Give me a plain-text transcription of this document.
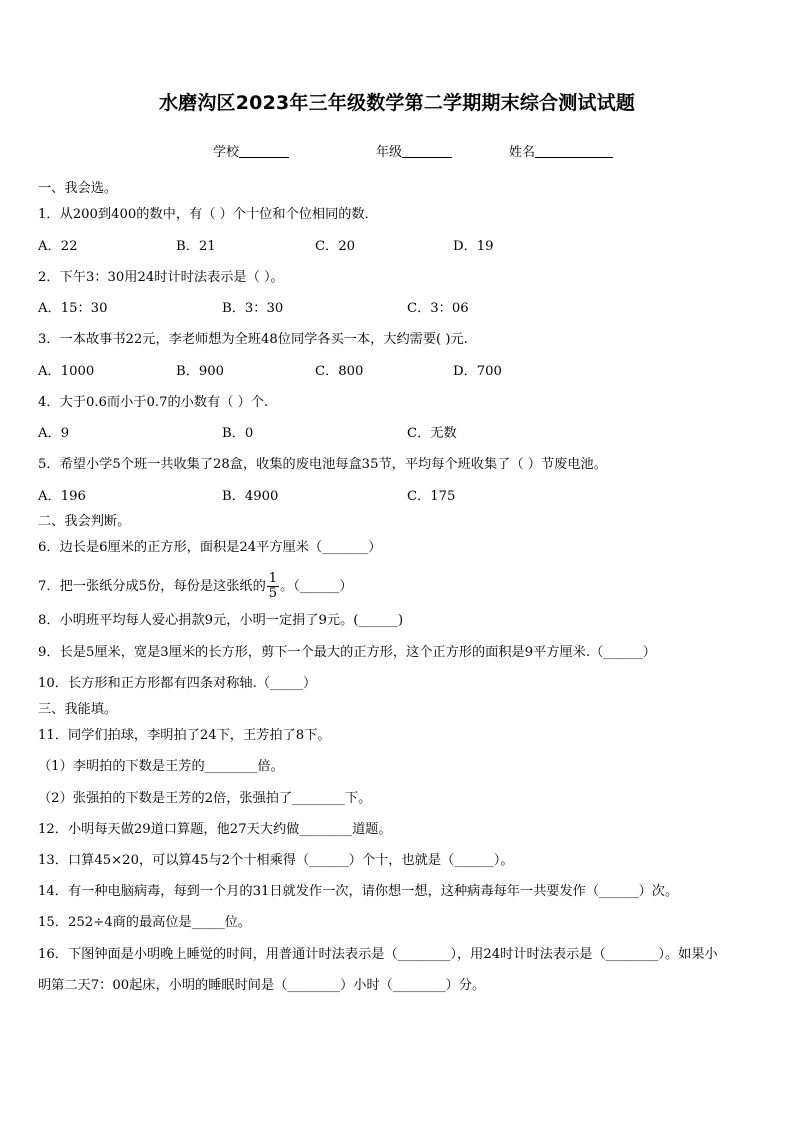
水磨沟区2023年三年级数学第二学期期末综合测试试题
学校	年级	姓名
一、我会选。
1．从200到400的数中，有（ ）个十位和个位相同的数．
A．22	B．21	C．20	D．19
2．下午3：30用24时计时法表示是（ ）。
A．15：30	B．3：30	C．3：06
3．一本故事书22元，李老师想为全班48位同学各买一本，大约需要( )元.
A．1000	B．900	C．800	D．700
4．大于0.6而小于0.7的小数有（ ）个.
A．9	B．0	C．无数
5．希望小学5个班一共收集了28盒，收集的废电池每盒35节，平均每个班收集了（ ）节废电池。
A．196	B．4900	C．175
二、我会判断。
6．边长是6厘米的正方形，面积是24平方厘米（_______）
7．把一张纸分成5份，每份是这张纸的 $\frac{1}{5}$ 。（______）
8．小明班平均每人爱心捐款9元，小明一定捐了9元。(______)
9．长是5厘米，宽是3厘米的长方形，剪下一个最大的正方形，这个正方形的面积是9平方厘米.（______）
10．长方形和正方形都有四条对称轴.（_____）
三、我能填。
11．同学们拍球，李明拍了24下，王芳拍了8下。
（1）李明拍的下数是王芳的________倍。
（2）张强拍的下数是王芳的2倍，张强拍了________下。
12．小明每天做29道口算题，他27天大约做________道题。
13．口算45×20，可以算45与2个十相乘得（______）个十，也就是（______）。
14．有一种电脑病毒，每到一个月的31日就发作一次，请你想一想，这种病毒每年一共要发作（______）次。
15．252÷4商的最高位是_____位。
16．下图钟面是小明晚上睡觉的时间，用普通计时法表示是（________），用24时计时法表示是（________）。如果小
明第二天7：00起床，小明的睡眠时间是（________）小时（________）分。
